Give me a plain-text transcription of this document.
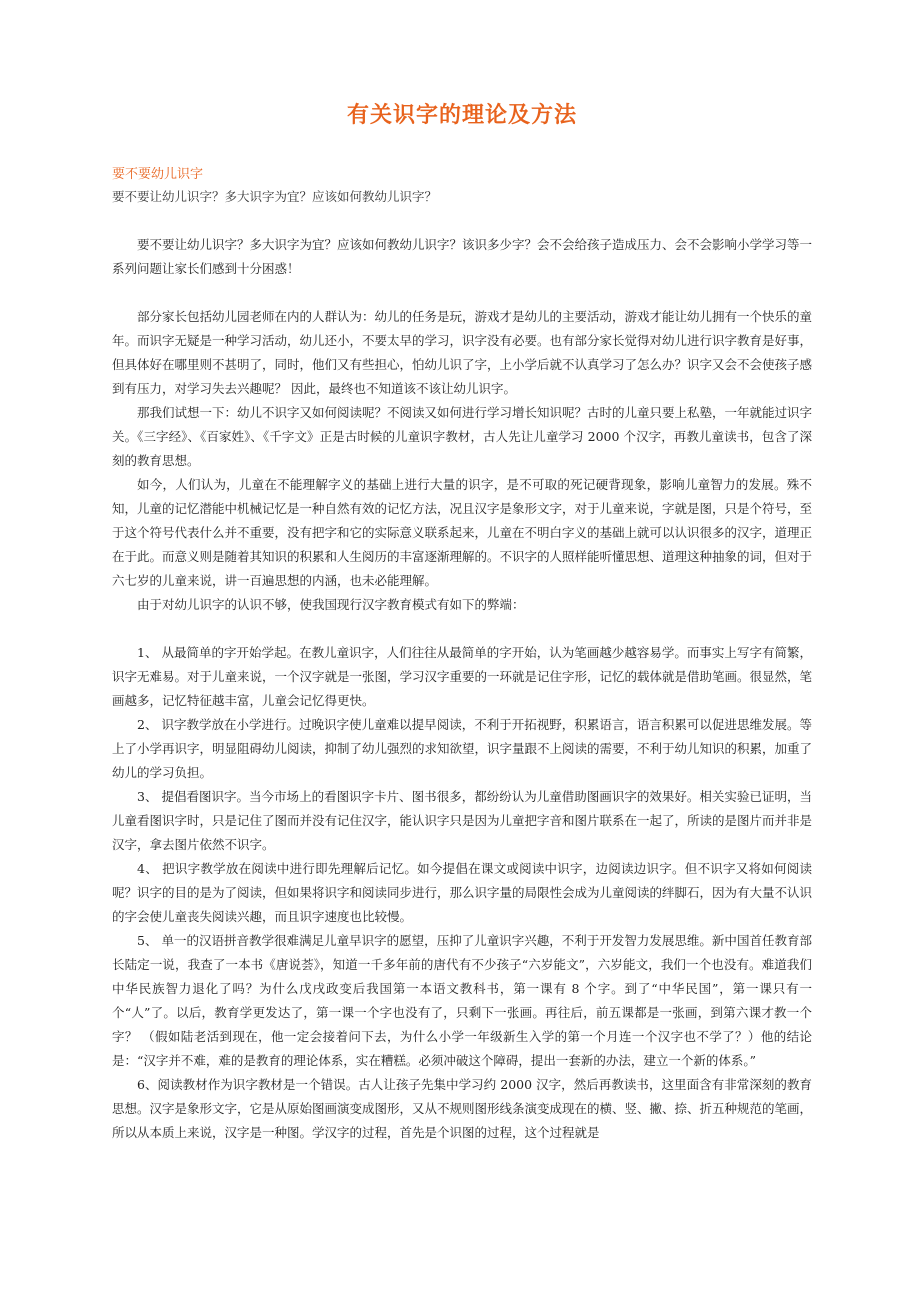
有关识字的理论及方法
要不要幼儿识字
要不要让幼儿识字？多大识字为宜？应该如何教幼儿识字？

要不要让幼儿识字？多大识字为宜？应该如何教幼儿识字？该识多少字？会不会给孩子造成压力、会不会影响小学学习等一系列问题让家长们感到十分困惑！

部分家长包括幼儿园老师在内的人群认为：幼儿的任务是玩，游戏才是幼儿的主要活动，游戏才能让幼儿拥有一个快乐的童年。而识字无疑是一种学习活动，幼儿还小，不要太早的学习，识字没有必要。也有部分家长觉得对幼儿进行识字教育是好事，但具体好在哪里则不甚明了，同时，他们又有些担心，怕幼儿识了字，上小学后就不认真学习了怎么办？识字又会不会使孩子感到有压力，对学习失去兴趣呢？ 因此，最终也不知道该不该让幼儿识字。

那我们试想一下：幼儿不识字又如何阅读呢？不阅读又如何进行学习增长知识呢？古时的儿童只要上私塾，一年就能过识字关。《三字经》、《百家姓》、《千字文》正是古时候的儿童识字教材，古人先让儿童学习 2000 个汉字，再教儿童读书，包含了深刻的教育思想。

如今，人们认为，儿童在不能理解字义的基础上进行大量的识字，是不可取的死记硬背现象，影响儿童智力的发展。殊不知，儿童的记忆潜能中机械记忆是一种自然有效的记忆方法，况且汉字是象形文字，对于儿童来说，字就是图，只是个符号，至于这个符号代表什么并不重要，没有把字和它的实际意义联系起来，儿童在不明白字义的基础上就可以认识很多的汉字，道理正在于此。而意义则是随着其知识的积累和人生阅历的丰富逐渐理解的。不识字的人照样能听懂思想、道理这种抽象的词，但对于六七岁的儿童来说，讲一百遍思想的内涵，也未必能理解。

由于对幼儿识字的认识不够，使我国现行汉字教育模式有如下的弊端：

1、 从最简单的字开始学起。在教儿童识字，人们往往从最简单的字开始，认为笔画越少越容易学。而事实上写字有简繁，识字无难易。对于儿童来说，一个汉字就是一张图，学习汉字重要的一环就是记住字形，记忆的载体就是借助笔画。很显然，笔画越多，记忆特征越丰富，儿童会记忆得更快。

2、 识字教学放在小学进行。过晚识字使儿童难以提早阅读，不利于开拓视野，积累语言，语言积累可以促进思维发展。等上了小学再识字，明显阻碍幼儿阅读，抑制了幼儿强烈的求知欲望，识字量跟不上阅读的需要，不利于幼儿知识的积累，加重了幼儿的学习负担。

3、 提倡看图识字。当今市场上的看图识字卡片、图书很多，都纷纷认为儿童借助图画识字的效果好。相关实验已证明，当儿童看图识字时，只是记住了图而并没有记住汉字，能认识字只是因为儿童把字音和图片联系在一起了，所读的是图片而并非是汉字，拿去图片依然不识字。

4、 把识字教学放在阅读中进行即先理解后记忆。如今提倡在课文或阅读中识字，边阅读边识字。但不识字又将如何阅读呢？识字的目的是为了阅读，但如果将识字和阅读同步进行，那么识字量的局限性会成为儿童阅读的绊脚石，因为有大量不认识的字会使儿童丧失阅读兴趣，而且识字速度也比较慢。

5、 单一的汉语拼音教学很难满足儿童早识字的愿望，压抑了儿童识字兴趣，不利于开发智力发展思维。新中国首任教育部长陆定一说，我查了一本书《唐说荟》，知道一千多年前的唐代有不少孩子“六岁能文”，六岁能文，我们一个也没有。难道我们中华民族智力退化了吗？为什么戊戌政变后我国第一本语文教科书，第一课有 8 个字。到了“中华民国”，第一课只有一个“人”了。以后，教育学更发达了，第一课一个字也没有了，只剩下一张画。再往后，前五课都是一张画，到第六课才教一个字？ （假如陆老活到现在，他一定会接着问下去，为什么小学一年级新生入学的第一个月连一个汉字也不学了？）他的结论是：“汉字并不难，难的是教育的理论体系，实在糟糕。必须冲破这个障碍，提出一套新的办法，建立一个新的体系。”

6、阅读教材作为识字教材是一个错误。古人让孩子先集中学习约 2000 汉字，然后再教读书，这里面含有非常深刻的教育思想。汉字是象形文字，它是从原始图画演变成图形，又从不规则图形线条演变成现在的横、竖、撇、捺、折五种规范的笔画，所以从本质上来说，汉字是一种图。学汉字的过程，首先是个识图的过程，这个过程就是
